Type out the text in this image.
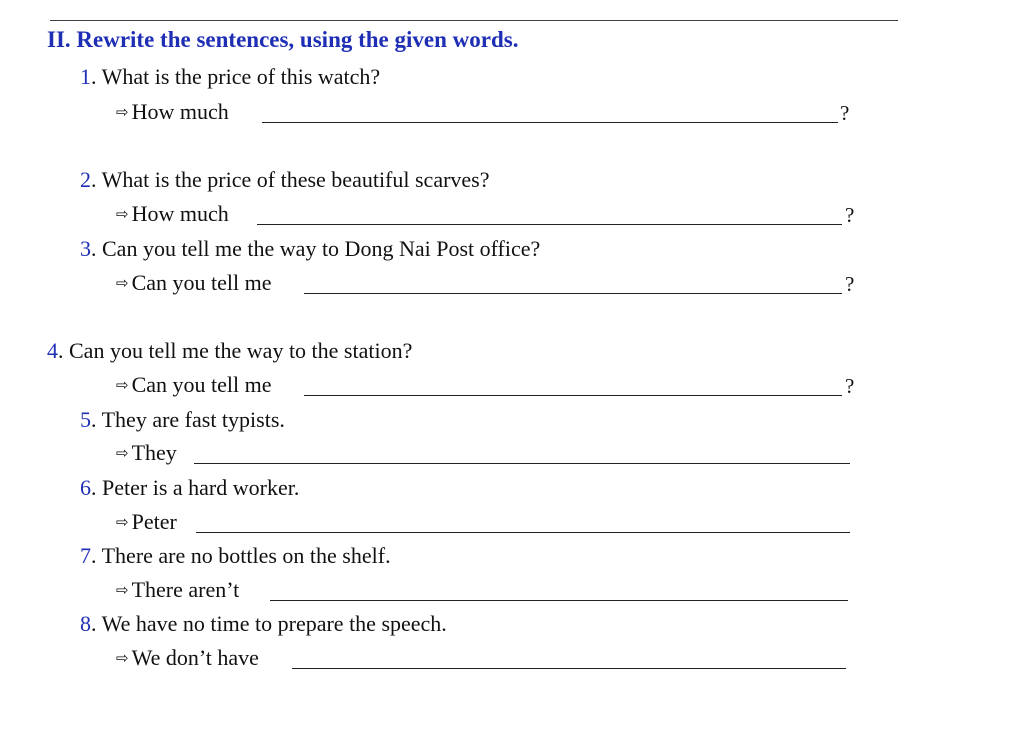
II. Rewrite the sentences, using the given words.
1. What is the price of this watch?
⇨ How much	?
2. What is the price of these beautiful scarves?
⇨ How much	?
3. Can you tell me the way to Dong Nai Post office?
⇨ Can you tell me	?
4. Can you tell me the way to the station?
⇨ Can you tell me	?
5. They are fast typists.
⇨ They
6. Peter is a hard worker.
⇨ Peter
7. There are no bottles on the shelf.
⇨ There aren’t
8. We have no time to prepare the speech.
⇨ We don’t have
